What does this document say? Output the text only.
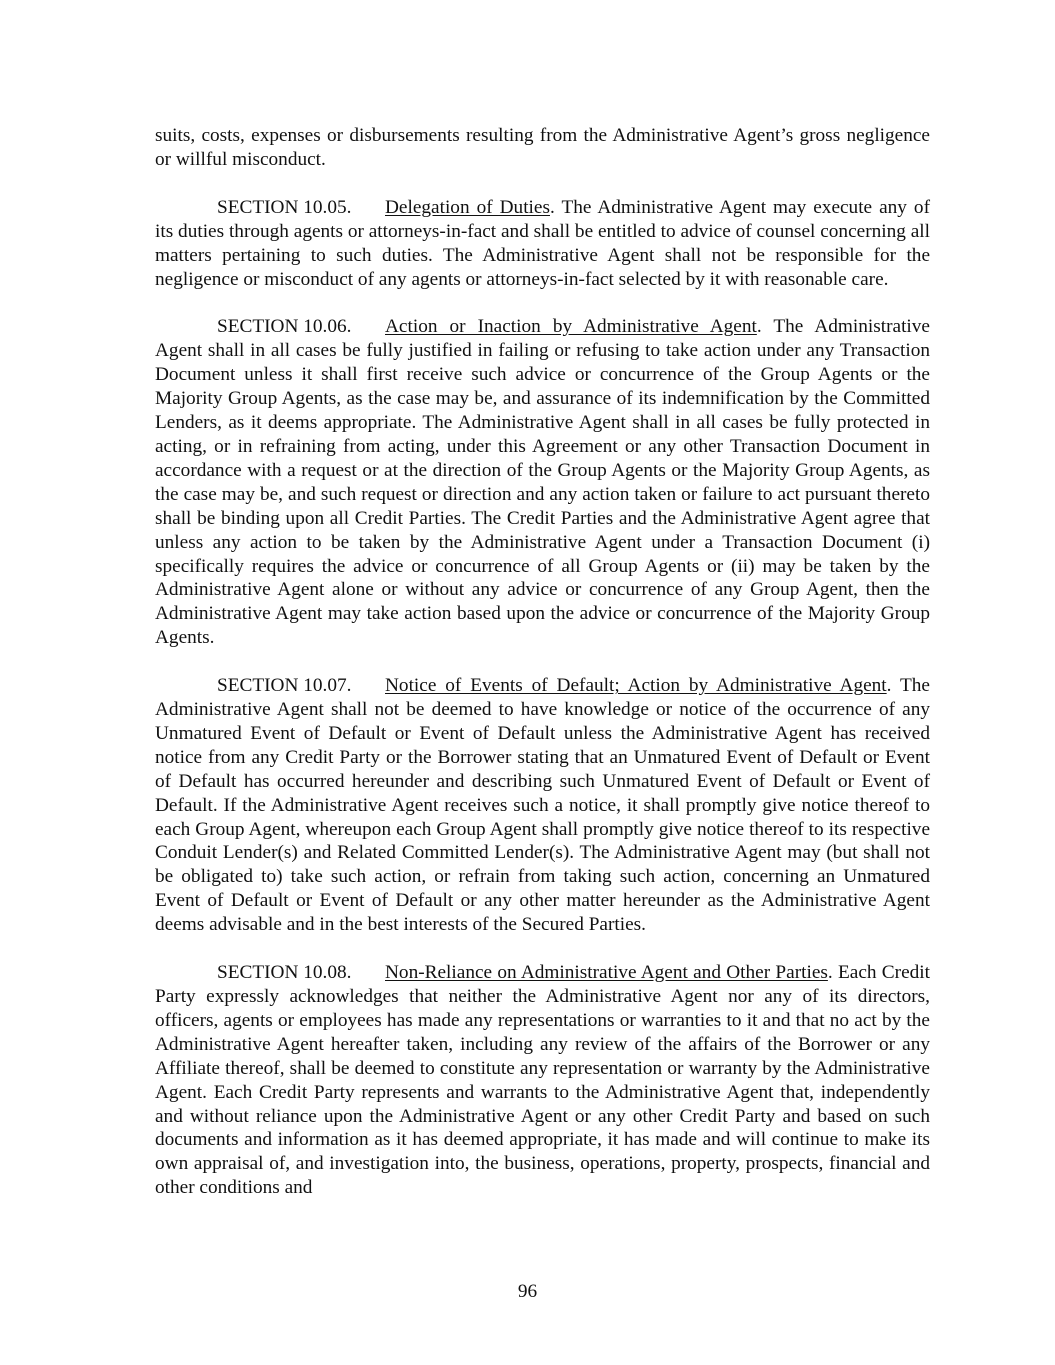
suits, costs, expenses or disbursements resulting from the Administrative Agent’s gross negligence or willful misconduct.

SECTION 10.05. Delegation of Duties. The Administrative Agent may execute any of its duties through agents or attorneys-in-fact and shall be entitled to advice of counsel concerning all matters pertaining to such duties. The Administrative Agent shall not be responsible for the negligence or misconduct of any agents or attorneys-in-fact selected by it with reasonable care.

SECTION 10.06. Action or Inaction by Administrative Agent. The Administrative Agent shall in all cases be fully justified in failing or refusing to take action under any Transaction Document unless it shall first receive such advice or concurrence of the Group Agents or the Majority Group Agents, as the case may be, and assurance of its indemnification by the Committed Lenders, as it deems appropriate. The Administrative Agent shall in all cases be fully protected in acting, or in refraining from acting, under this Agreement or any other Transaction Document in accordance with a request or at the direction of the Group Agents or the Majority Group Agents, as the case may be, and such request or direction and any action taken or failure to act pursuant thereto shall be binding upon all Credit Parties. The Credit Parties and the Administrative Agent agree that unless any action to be taken by the Administrative Agent under a Transaction Document (i) specifically requires the advice or concurrence of all Group Agents or (ii) may be taken by the Administrative Agent alone or without any advice or concurrence of any Group Agent, then the Administrative Agent may take action based upon the advice or concurrence of the Majority Group Agents.

SECTION 10.07. Notice of Events of Default; Action by Administrative Agent. The Administrative Agent shall not be deemed to have knowledge or notice of the occurrence of any Unmatured Event of Default or Event of Default unless the Administrative Agent has received notice from any Credit Party or the Borrower stating that an Unmatured Event of Default or Event of Default has occurred hereunder and describing such Unmatured Event of Default or Event of Default. If the Administrative Agent receives such a notice, it shall promptly give notice thereof to each Group Agent, whereupon each Group Agent shall promptly give notice thereof to its respective Conduit Lender(s) and Related Committed Lender(s). The Administrative Agent may (but shall not be obligated to) take such action, or refrain from taking such action, concerning an Unmatured Event of Default or Event of Default or any other matter hereunder as the Administrative Agent deems advisable and in the best interests of the Secured Parties.

SECTION 10.08. Non-Reliance on Administrative Agent and Other Parties. Each Credit Party expressly acknowledges that neither the Administrative Agent nor any of its directors, officers, agents or employees has made any representations or warranties to it and that no act by the Administrative Agent hereafter taken, including any review of the affairs of the Borrower or any Affiliate thereof, shall be deemed to constitute any representation or warranty by the Administrative Agent. Each Credit Party represents and warrants to the Administrative Agent that, independently and without reliance upon the Administrative Agent or any other Credit Party and based on such documents and information as it has deemed appropriate, it has made and will continue to make its own appraisal of, and investigation into, the business, operations, property, prospects, financial and other conditions and

96
